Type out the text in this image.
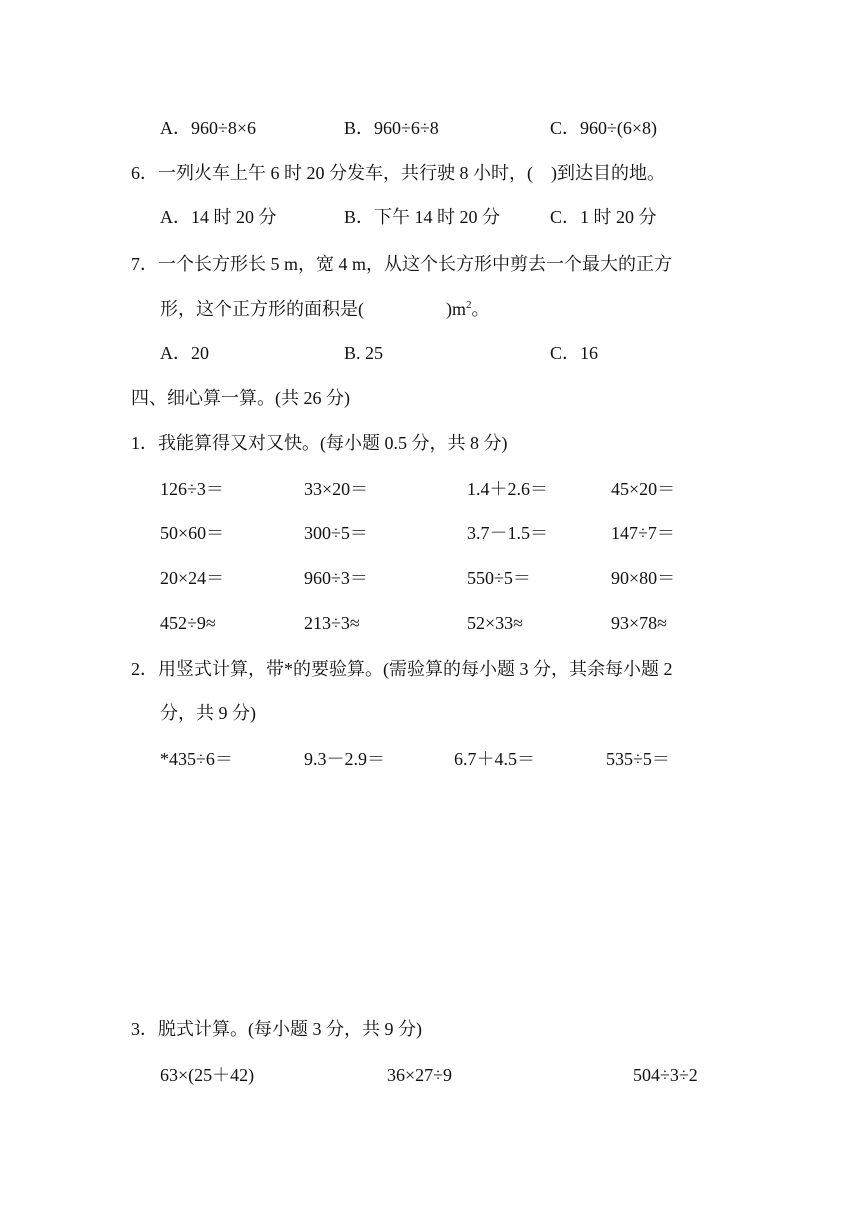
A．960÷8×6	B．960÷6÷8	C．960÷(6×8)
6．一列火车上午 6 时 20 分发车，共行驶 8 小时，( )到达目的地。
A．14 时 20 分	B．下午 14 时 20 分	C．1 时 20 分
7．一个长方形长 5 m，宽 4 m，从这个长方形中剪去一个最大的正方
形，这个正方形的面积是(	)$m^2$。
A．20	B. 25	C．16
四、细心算一算。(共 26 分)
1．我能算得又对又快。(每小题 0.5 分，共 8 分)
126÷3＝	33×20＝	1.4＋2.6＝	45×20＝
50×60＝	300÷5＝	3.7－1.5＝	147÷7＝
20×24＝	960÷3＝	550÷5＝	90×80＝
452÷9≈	213÷3≈	52×33≈	93×78≈
2．用竖式计算，带*的要验算。(需验算的每小题 3 分，其余每小题 2
分，共 9 分)
*435÷6＝	9.3－2.9＝	6.7＋4.5＝	535÷5＝
3．脱式计算。(每小题 3 分，共 9 分)
63×(25＋42)	36×27÷9	504÷3÷2
